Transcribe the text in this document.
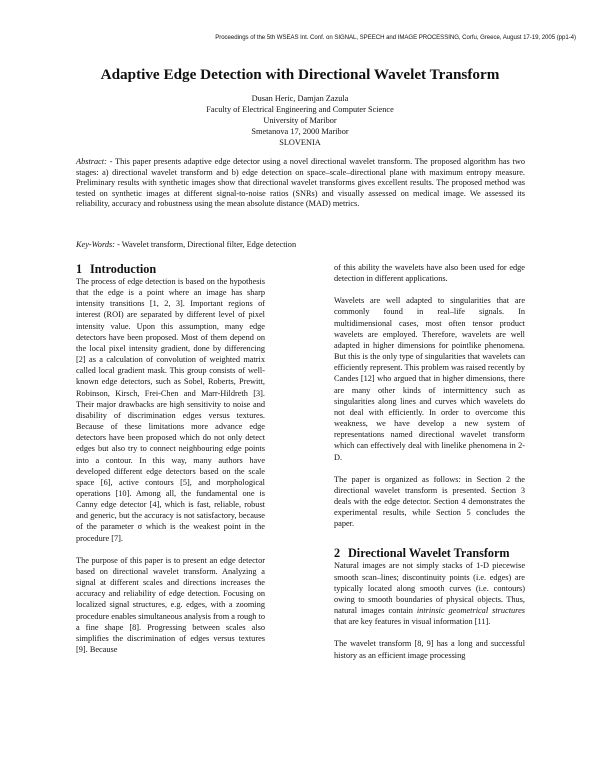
Proceedings of the 5th WSEAS Int. Conf. on SIGNAL, SPEECH and IMAGE PROCESSING, Corfu, Greece, August 17-19, 2005 (pp1-4)
Adaptive Edge Detection with Directional Wavelet Transform
Dusan Heric, Damjan Zazula
Faculty of Electrical Engineering and Computer Science
University of Maribor
Smetanova 17, 2000 Maribor
SLOVENIA
Abstract: - This paper presents adaptive edge detector using a novel directional wavelet transform. The proposed algorithm has two stages: a) directional wavelet transform and b) edge detection on space–scale–directional plane with maximum entropy measure. Preliminary results with synthetic images show that directional wavelet transforms gives excellent results. The proposed method was tested on synthetic images at different signal-to-noise ratios (SNRs) and visually assessed on medical image. We assessed its reliability, accuracy and robustness using the mean absolute distance (MAD) metrics.
Key-Words: - Wavelet transform, Directional filter, Edge detection
1 Introduction

The process of edge detection is based on the hypothesis that the edge is a point where an image has sharp intensity transitions [1, 2, 3]. Important regions of interest (ROI) are separated by different level of pixel intensity value. Upon this assumption, many edge detectors have been proposed. Most of them depend on the local pixel intensity gradient, done by differencing [2] as a calculation of convolution of weighted matrix called local gradient mask. This group consists of well-known edge detectors, such as Sobel, Roberts, Prewitt, Robinson, Kirsch, Frei-Chen and Marr-Hildreth [3]. Their major drawbacks are high sensitivity to noise and disability of discrimination edges versus textures. Because of these limitations more advance edge detectors have been proposed which do not only detect edges but also try to connect neighbouring edge points into a contour. In this way, many authors have developed different edge detectors based on the scale space [6], active contours [5], and morphological operations [10]. Among all, the fundamental one is Canny edge detector [4], which is fast, reliable, robust and generic, but the accuracy is not satisfactory, because of the parameter σ which is the weakest point in the procedure [7].

The purpose of this paper is to present an edge detector based on directional wavelet transform. Analyzing a signal at different scales and directions increases the accuracy and reliability of edge detection. Focusing on localized signal structures, e.g. edges, with a zooming procedure enables simultaneous analysis from a rough to a fine shape [8]. Progressing between scales also simplifies the discrimination of edges versus textures [9]. Because

of this ability the wavelets have also been used for edge detection in different applications.

Wavelets are well adapted to singularities that are commonly found in real–life signals. In multidimensional cases, most often tensor product wavelets are employed. Therefore, wavelets are well adapted in higher dimensions for pointlike phenomena. But this is the only type of singularities that wavelets can efficiently represent. This problem was raised recently by Candes [12] who argued that in higher dimensions, there are many other kinds of intermittency such as singularities along lines and curves which wavelets do not deal with efficiently. In order to overcome this weakness, we have develop a new system of representations named directional wavelet transform which can effectively deal with linelike phenomena in 2-D.

The paper is organized as follows: in Section 2 the directional wavelet transform is presented. Section 3 deals with the edge detector. Section 4 demonstrates the experimental results, while Section 5 concludes the paper.

2 Directional Wavelet Transform

Natural images are not simply stacks of 1-D piecewise smooth scan–lines; discontinuity points (i.e. edges) are typically located along smooth curves (i.e. contours) owing to smooth boundaries of physical objects. Thus, natural images contain intrinsic geometrical structures that are key features in visual information [11].

The wavelet transform [8, 9] has a long and successful history as an efficient image processing
